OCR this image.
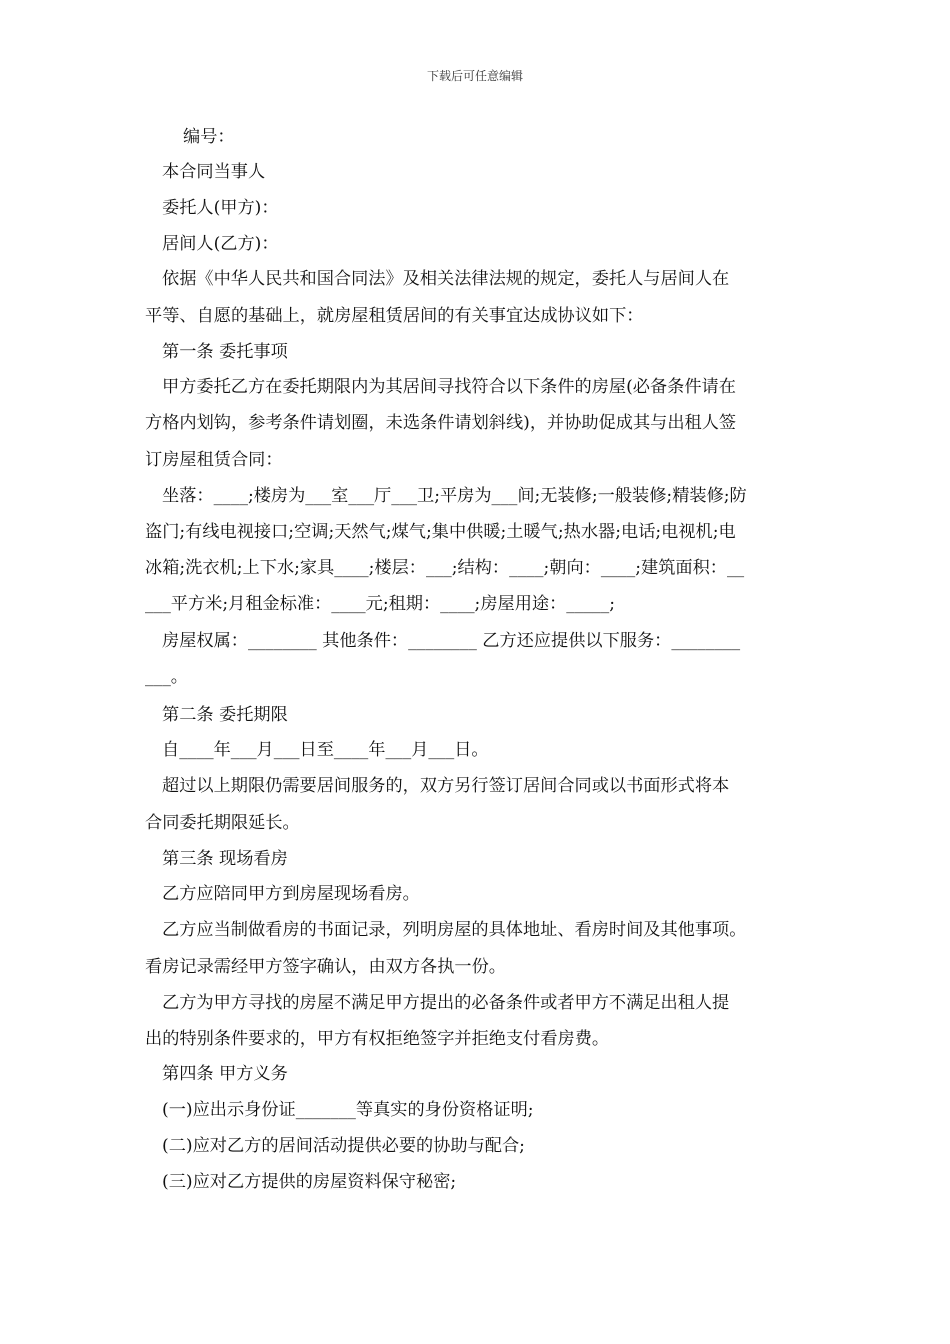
下载后可任意编辑
编号：
本合同当事人
委托人(甲方)：
居间人(乙方)：
依据《中华人民共和国合同法》及相关法律法规的规定，委托人与居间人在
平等、自愿的基础上，就房屋租赁居间的有关事宜达成协议如下：
第一条 委托事项
甲方委托乙方在委托期限内为其居间寻找符合以下条件的房屋(必备条件请在
方格内划钩，参考条件请划圈，未选条件请划斜线)，并协助促成其与出租人签
订房屋租赁合同：
坐落：____;楼房为___室___厅___卫;平房为___间;无装修;一般装修;精装修;防
盗门;有线电视接口;空调;天然气;煤气;集中供暖;土暖气;热水器;电话;电视机;电
冰箱;洗衣机;上下水;家具____;楼层：___;结构：____;朝向：____;建筑面积：__
___平方米;月租金标准：____元;租期：____;房屋用途：_____;
房屋权属：________ 其他条件：________ 乙方还应提供以下服务：________
___。
第二条 委托期限
自____年___月___日至____年___月___日。
超过以上期限仍需要居间服务的，双方另行签订居间合同或以书面形式将本
合同委托期限延长。
第三条 现场看房
乙方应陪同甲方到房屋现场看房。
乙方应当制做看房的书面记录，列明房屋的具体地址、看房时间及其他事项。
看房记录需经甲方签字确认，由双方各执一份。
乙方为甲方寻找的房屋不满足甲方提出的必备条件或者甲方不满足出租人提
出的特别条件要求的，甲方有权拒绝签字并拒绝支付看房费。
第四条 甲方义务
(一)应出示身份证_______等真实的身份资格证明;
(二)应对乙方的居间活动提供必要的协助与配合;
(三)应对乙方提供的房屋资料保守秘密;
